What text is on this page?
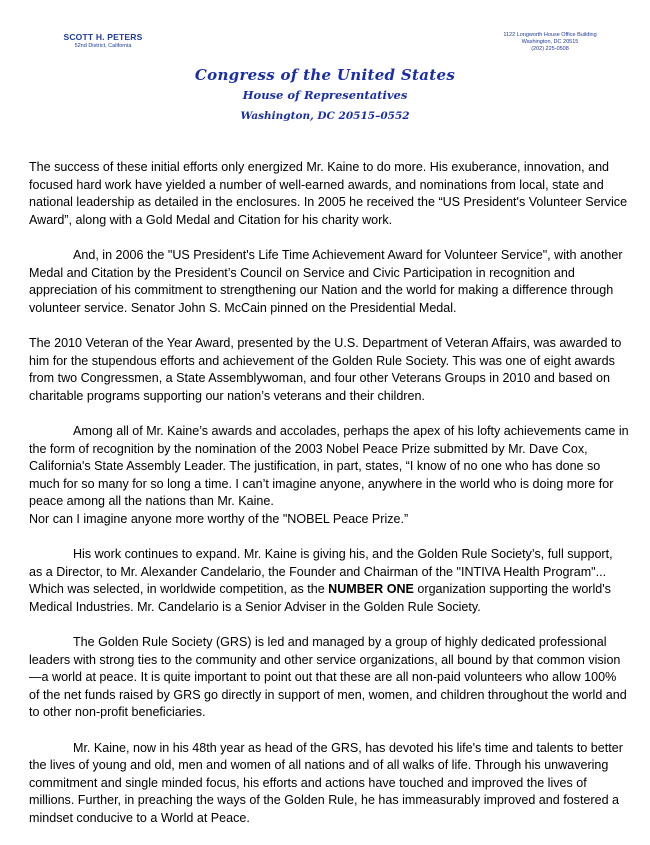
SCOTT H. PETERS
52nd District, California
1122 Longworth House Office Building
Washington, DC 20515
(202) 225-0508
Congress of the United States
House of Representatives
Washington, DC 20515–0552

The success of these initial efforts only energized Mr. Kaine to do more. His exuberance, innovation, and focused hard work have yielded a number of well-earned awards, and nominations from local, state and national leadership as detailed in the enclosures. In 2005 he received the “US President's Volunteer Service Award”, along with a Gold Medal and Citation for his charity work.

And, in 2006 the "US President's Life Time Achievement Award for Volunteer Service", with another Medal and Citation by the President’s Council on Service and Civic Participation in recognition and appreciation of his commitment to strengthening our Nation and the world for making a difference through volunteer service. Senator John S. McCain pinned on the Presidential Medal.

The 2010 Veteran of the Year Award, presented by the U.S. Department of Veteran Affairs, was awarded to him for the stupendous efforts and achievement of the Golden Rule Society. This was one of eight awards from two Congressmen, a State Assemblywoman, and four other Veterans Groups in 2010 and based on charitable programs supporting our nation’s veterans and their children.

Among all of Mr. Kaine’s awards and accolades, perhaps the apex of his lofty achievements came in the form of recognition by the nomination of the 2003 Nobel Peace Prize submitted by Mr. Dave Cox, California's State Assembly Leader. The justification, in part, states, “I know of no one who has done so much for so many for so long a time. I can’t imagine anyone, anywhere in the world who is doing more for peace among all the nations than Mr. Kaine.
Nor can I imagine anyone more worthy of the "NOBEL Peace Prize.”

His work continues to expand. Mr. Kaine is giving his, and the Golden Rule Society’s, full support, as a Director, to Mr. Alexander Candelario, the Founder and Chairman of the "INTIVA Health Program"... Which was selected, in worldwide competition, as the NUMBER ONE organization supporting the world's Medical Industries. Mr. Candelario is a Senior Adviser in the Golden Rule Society.

The Golden Rule Society (GRS) is led and managed by a group of highly dedicated professional leaders with strong ties to the community and other service organizations, all bound by that common vision—a world at peace. It is quite important to point out that these are all non-paid volunteers who allow 100% of the net funds raised by GRS go directly in support of men, women, and children throughout the world and to other non-profit beneficiaries.

Mr. Kaine, now in his 48th year as head of the GRS, has devoted his life's time and talents to better the lives of young and old, men and women of all nations and of all walks of life. Through his unwavering commitment and single minded focus, his efforts and actions have touched and improved the lives of millions. Further, in preaching the ways of the Golden Rule, he has immeasurably improved and fostered a mindset conducive to a World at Peace.
